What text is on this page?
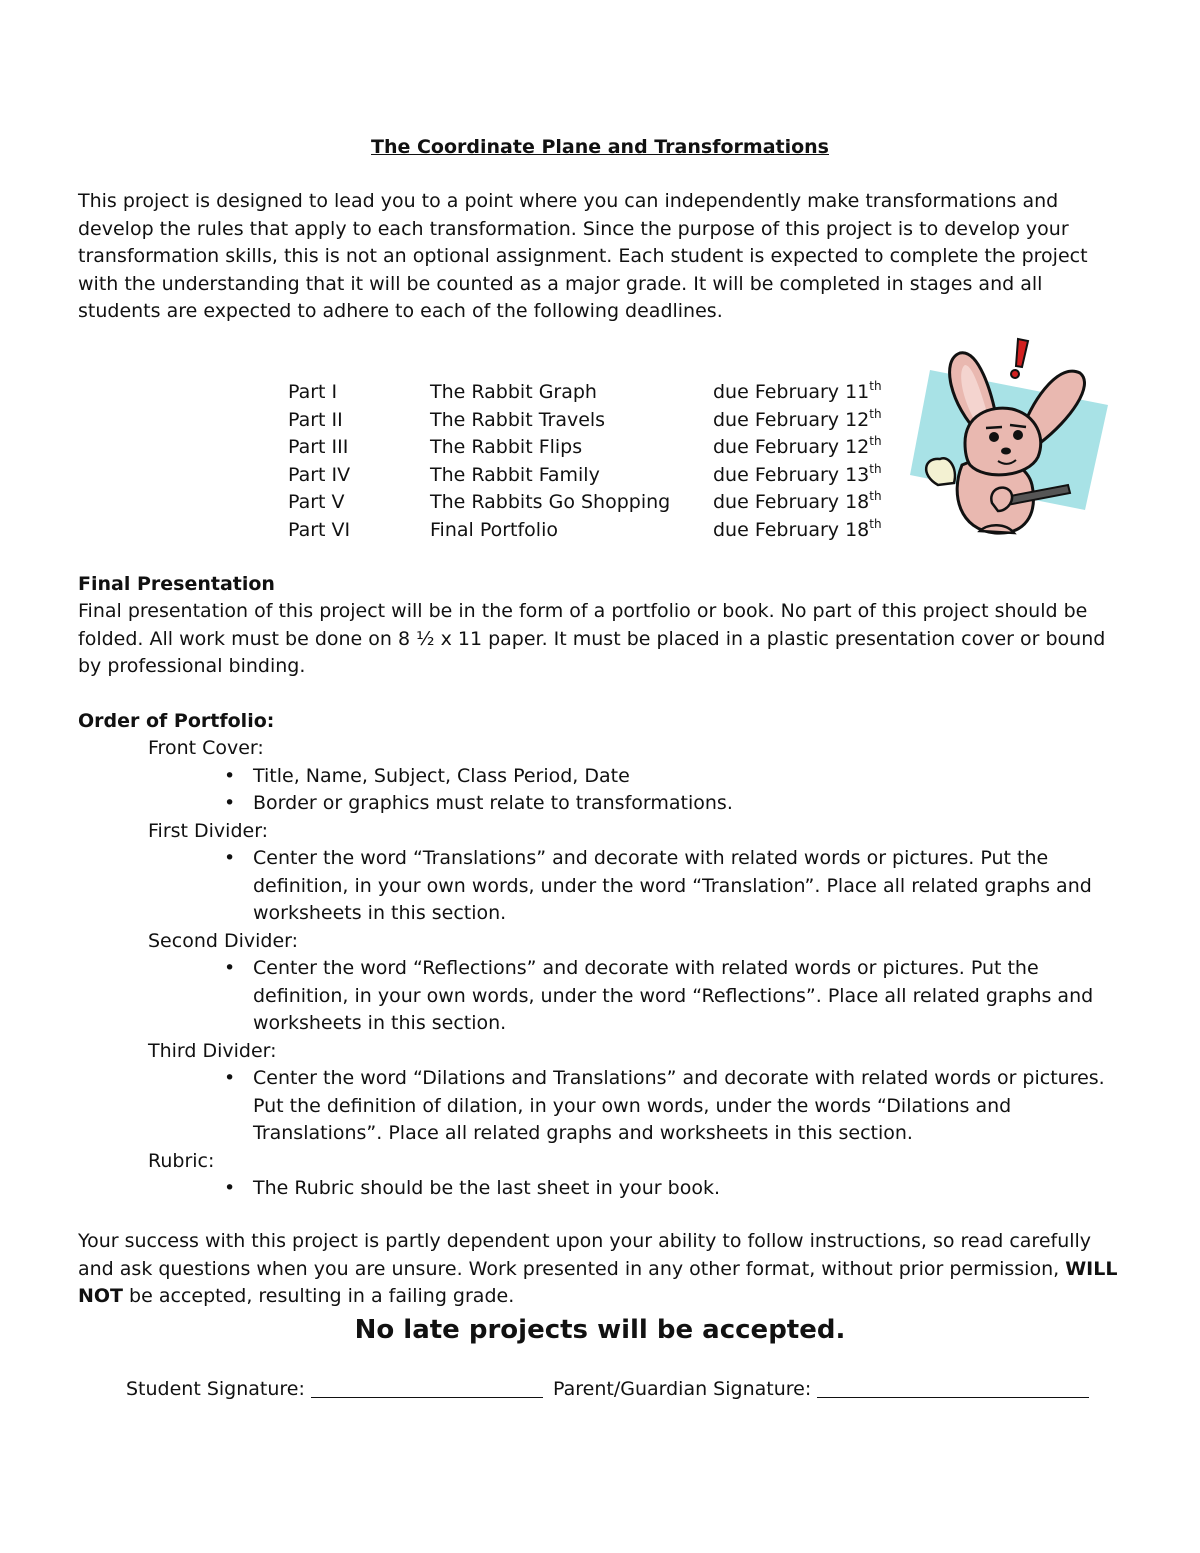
The Coordinate Plane and Transformations

This project is designed to lead you to a point where you can independently make transformations and develop the rules that apply to each transformation. Since the purpose of this project is to develop your transformation skills, this is not an optional assignment. Each student is expected to complete the project with the understanding that it will be counted as a major grade. It will be completed in stages and all students are expected to adhere to each of the following deadlines.

Part I	The Rabbit Graph	due February 11th
Part II	The Rabbit Travels	due February 12th
Part III	The Rabbit Flips	due February 12th
Part IV	The Rabbit Family	due February 13th
Part V	The Rabbits Go Shopping due February 18th
Part VI	Final Portfolio	due February 18th

Final Presentation

Final presentation of this project will be in the form of a portfolio or book. No part of this project should be folded. All work must be done on 8 ½ x 11 paper. It must be placed in a plastic presentation cover or bound by professional binding.

Order of Portfolio:

Front Cover:
• Title, Name, Subject, Class Period, Date
• Border or graphics must relate to transformations.
First Divider:
• Center the word “Translations” and decorate with related words or pictures. Put the definition, in your own words, under the word “Translation”. Place all related graphs and worksheets in this section.
Second Divider:
• Center the word “Reflections” and decorate with related words or pictures. Put the definition, in your own words, under the word “Reflections”. Place all related graphs and worksheets in this section.
Third Divider:
• Center the word “Dilations and Translations” and decorate with related words or pictures. Put the definition of dilation, in your own words, under the words “Dilations and Translations”. Place all related graphs and worksheets in this section.
Rubric:
• The Rubric should be the last sheet in your book.

Your success with this project is partly dependent upon your ability to follow instructions, so read carefully and ask questions when you are unsure. Work presented in any other format, without prior permission, WILL NOT be accepted, resulting in a failing grade.

No late projects will be accepted.
Student Signature:	Parent/Guardian Signature:
